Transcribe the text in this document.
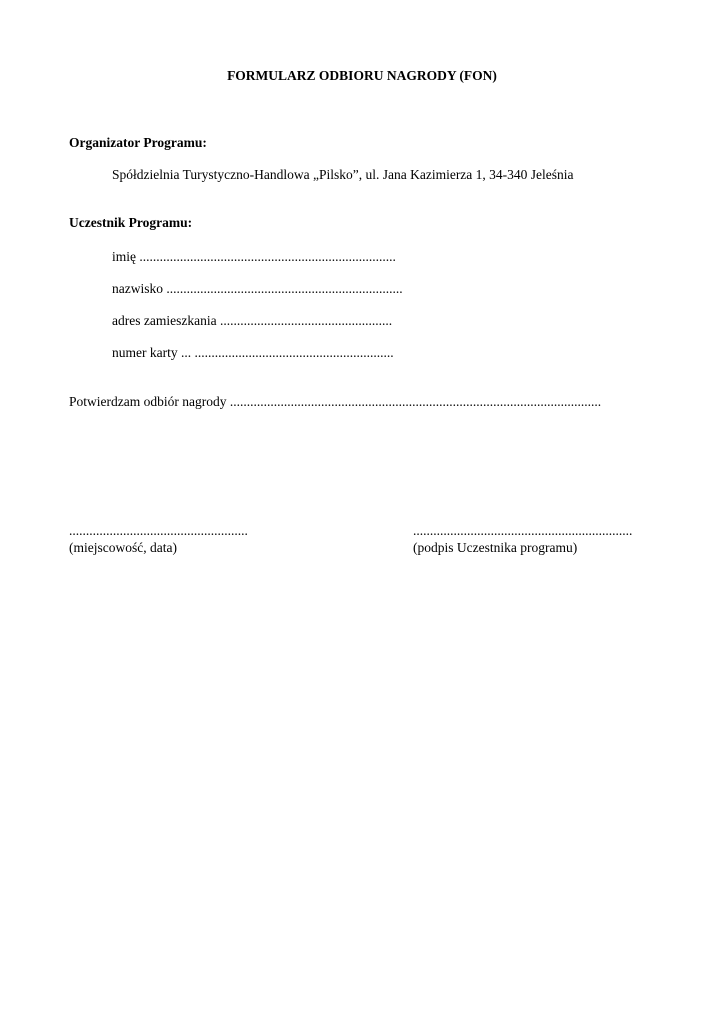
FORMULARZ ODBIORU NAGRODY (FON)
Organizator Programu:
Spółdzielnia Turystyczno-Handlowa „Pilsko”, ul. Jana Kazimierza 1, 34-340 Jeleśnia
Uczestnik Programu:
imię ............................................................................
nazwisko ......................................................................
adres zamieszkania ...................................................
numer karty ... ...........................................................
Potwierdzam odbiór nagrody ..............................................................................................................
.....................................................
(miejscowość, data)
.................................................................
(podpis Uczestnika programu)
